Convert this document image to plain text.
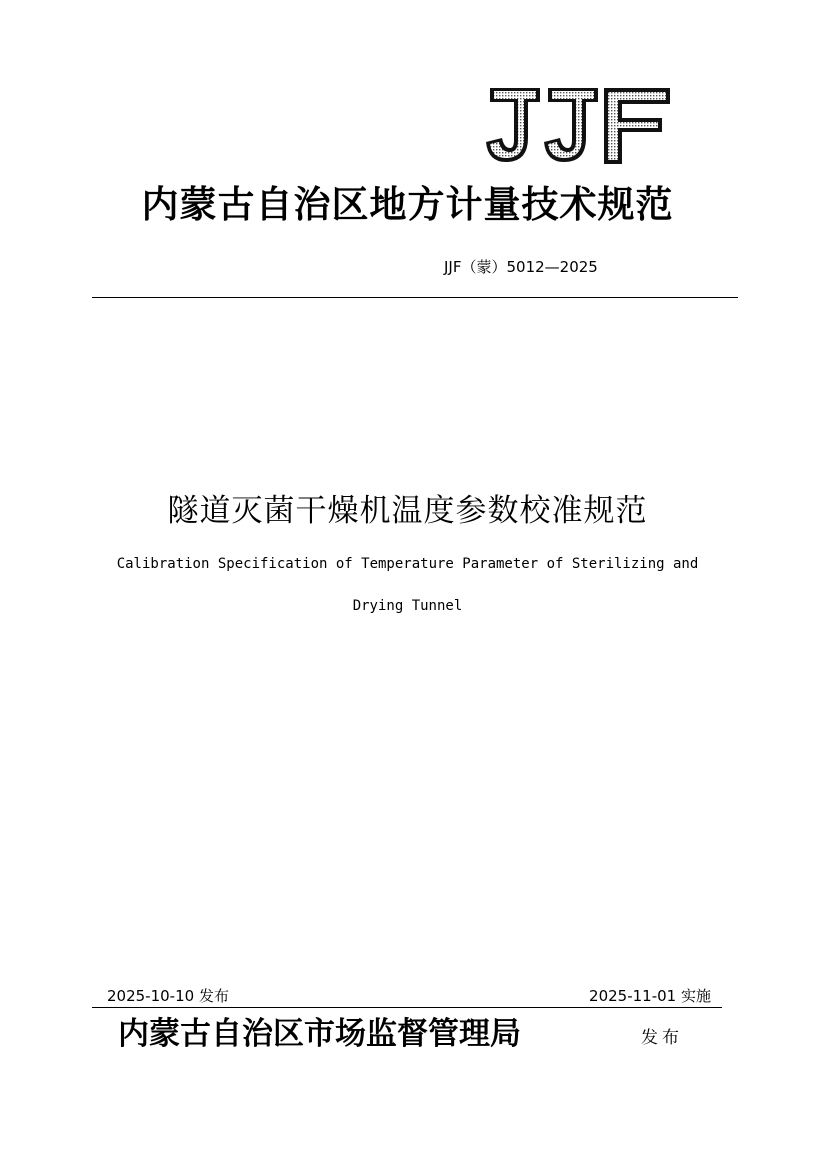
内蒙古自治区地方计量技术规范
JJF（蒙）5012—2025
隧道灭菌干燥机温度参数校准规范
Calibration Specification of Temperature Parameter of Sterilizing and
Drying Tunnel
2025-10-10 发布	2025-11-01 实施
内蒙古自治区市场监督管理局	发布
